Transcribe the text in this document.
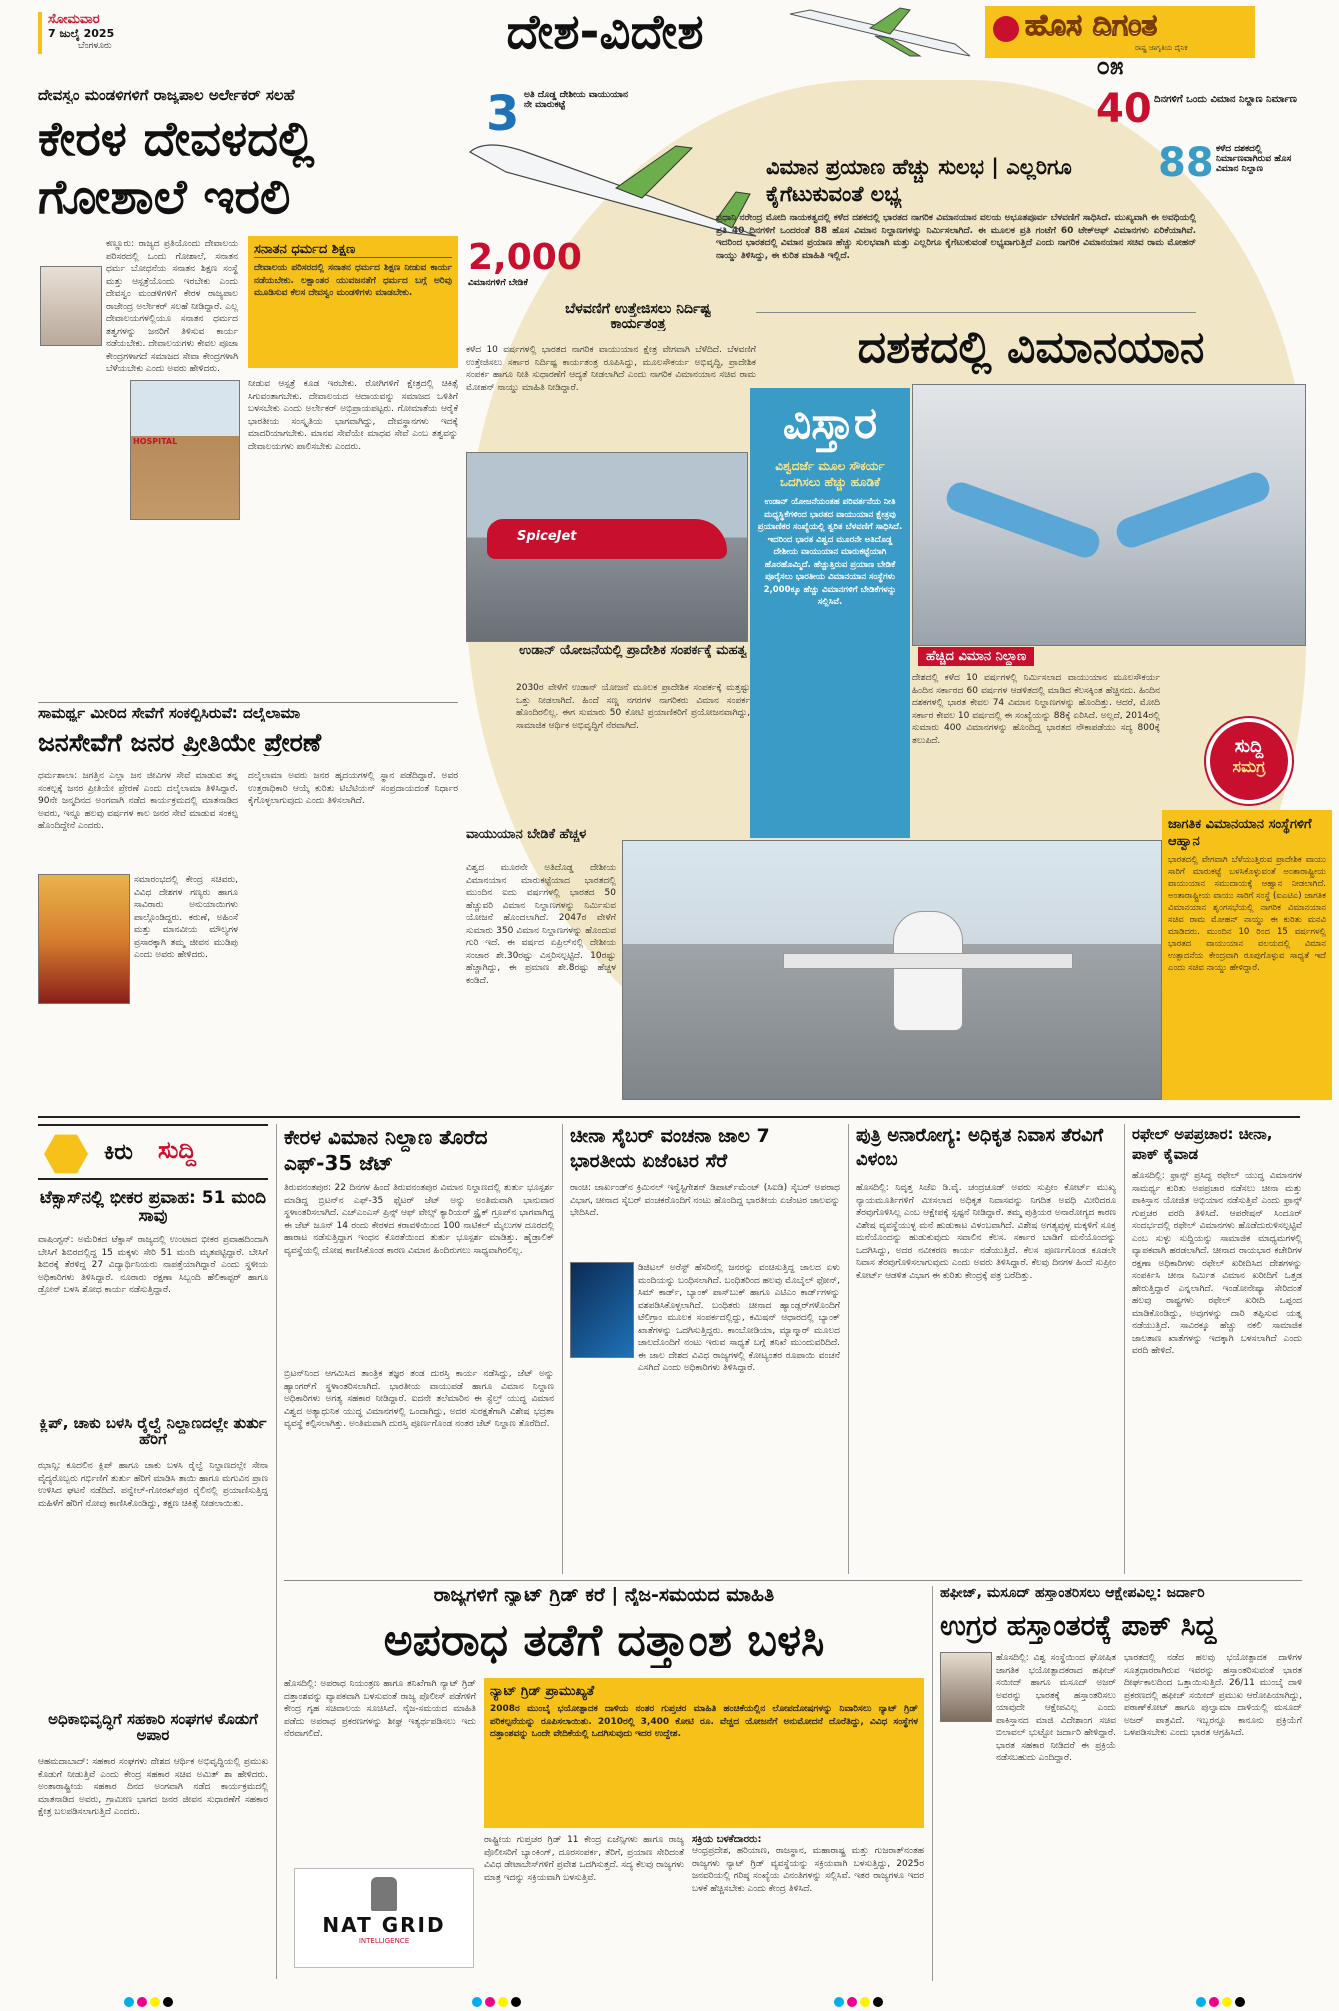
ಸೋಮವಾರ
7 ಜುಲೈ 2025
ಬೆಂಗಳೂರು	ದೇಶ-ವಿದೇಶ	ಹೊಸ ದಿಗಂತ
ರಾಷ್ಟ್ರ ಜಾಗೃತಿಯ ದೈನಿಕ
೦೫
ದೇವಸ್ವಂ ಮಂಡಳಿಗಳಿಗೆ ರಾಜ್ಯಪಾಲ ಅರ್ಲೇಕರ್ ಸಲಹೆ
ಕೇರಳ ದೇವಳದಲ್ಲಿ ಗೋಶಾಲೆ ಇರಲಿ
ಕಣ್ಣೂರು: ರಾಜ್ಯದ ಪ್ರತಿಯೊಂದು ದೇವಾಲಯ ಪರಿಸರದಲ್ಲಿ ಒಂದು ಗೋಶಾಲೆ, ಸನಾತನ ಧರ್ಮ ಬೋಧನೆಯ ಸನಾತನ ಶಿಕ್ಷಣ ಸಂಸ್ಥೆ ಮತ್ತು ಆಸ್ಪತ್ರೆಯೊಂದು ಇರಬೇಕು ಎಂದು ದೇವಸ್ವಂ ಮಂಡಳಿಗಳಿಗೆ ಕೇರಳ ರಾಜ್ಯಪಾಲ ರಾಜೇಂದ್ರ ಅರ್ಲೇಕರ್ ಸಲಹೆ ನೀಡಿದ್ದಾರೆ. ಎಲ್ಲ ದೇವಾಲಯಗಳಲ್ಲಿಯೂ ಸನಾತನ ಧರ್ಮದ ತತ್ವಗಳನ್ನು ಜನರಿಗೆ ತಿಳಿಸುವ ಕಾರ್ಯ ನಡೆಯಬೇಕು. ದೇವಾಲಯಗಳು ಕೇವಲ ಪೂಜಾ ಕೇಂದ್ರಗಳಾಗದೆ ಸಮಾಜದ ಸೇವಾ ಕೇಂದ್ರಗಳಾಗಿ ಬೆಳೆಯಬೇಕು ಎಂದು ಅವರು ಹೇಳಿದರು.
ಸನಾತನ ಧರ್ಮದ ಶಿಕ್ಷಣ
ದೇವಾಲಯ ಪರಿಸರದಲ್ಲಿ ಸನಾತನ ಧರ್ಮದ ಶಿಕ್ಷಣ ನೀಡುವ ಕಾರ್ಯ ನಡೆಯಬೇಕು. ಲಕ್ಷಾಂತರ ಯುವಜನತೆಗೆ ಧರ್ಮದ ಬಗ್ಗೆ ಅರಿವು ಮೂಡಿಸುವ ಕೆಲಸ ದೇವಸ್ವಂ ಮಂಡಳಿಗಳು ಮಾಡಬೇಕು.
HOSPITAL
ನೀಡುವ ಆಸ್ಪತ್ರೆ ಕೂಡ ಇರಬೇಕು. ರೋಗಿಗಳಿಗೆ ಕ್ಷೇತ್ರದಲ್ಲಿ ಚಿಕಿತ್ಸೆ ಸಿಗುವಂತಾಗಬೇಕು. ದೇವಾಲಯದ ಆದಾಯವನ್ನು ಸಮಾಜದ ಒಳಿತಿಗೆ ಬಳಸಬೇಕು ಎಂದು ಅರ್ಲೇಕರ್ ಅಭಿಪ್ರಾಯಪಟ್ಟರು. ಗೋಮಾತೆಯ ಆರೈಕೆ ಭಾರತೀಯ ಸಂಸ್ಕೃತಿಯ ಭಾಗವಾಗಿದ್ದು, ದೇವಸ್ಥಾನಗಳು ಇದಕ್ಕೆ ಮಾದರಿಯಾಗಬೇಕು. ಮಾನವ ಸೇವೆಯೇ ಮಾಧವ ಸೇವೆ ಎಂಬ ತತ್ವವನ್ನು ದೇವಾಲಯಗಳು ಪಾಲಿಸಬೇಕು ಎಂದರು.
ಸಾಮರ್ಥ್ಯ ಮೀರಿದ ಸೇವೆಗೆ ಸಂಕಲ್ಪಿಸಿರುವೆ: ದಲೈಲಾಮಾ
ಜನಸೇವೆಗೆ ಜನರ ಪ್ರೀತಿಯೇ ಪ್ರೇರಣೆ
ಧರ್ಮಶಾಲಾ: ಜಗತ್ತಿನ ಎಲ್ಲಾ ಜನ ಜೀವಿಗಳ ಸೇವೆ ಮಾಡುವ ತನ್ನ ಸಂಕಲ್ಪಕ್ಕೆ ಜನರ ಪ್ರೀತಿಯೇ ಪ್ರೇರಣೆ ಎಂದು ದಲೈಲಾಮಾ ತಿಳಿಸಿದ್ದಾರೆ. 90ನೇ ಜನ್ಮದಿನದ ಅಂಗವಾಗಿ ನಡೆದ ಕಾರ್ಯಕ್ರಮದಲ್ಲಿ ಮಾತನಾಡಿದ ಅವರು, ಇನ್ನೂ ಹಲವು ವರ್ಷಗಳ ಕಾಲ ಜನರ ಸೇವೆ ಮಾಡುವ ಸಂಕಲ್ಪ ಹೊಂದಿದ್ದೇನೆ ಎಂದರು.
ಸಮಾರಂಭದಲ್ಲಿ ಕೇಂದ್ರ ಸಚಿವರು, ವಿವಿಧ ದೇಶಗಳ ಗಣ್ಯರು ಹಾಗೂ ಸಾವಿರಾರು ಅನುಯಾಯಿಗಳು ಪಾಲ್ಗೊಂಡಿದ್ದರು. ಕರುಣೆ, ಅಹಿಂಸೆ ಮತ್ತು ಮಾನವೀಯ ಮೌಲ್ಯಗಳ ಪ್ರಸಾರಕ್ಕಾಗಿ ತಮ್ಮ ಜೀವನ ಮುಡಿಪು ಎಂದು ಅವರು ಹೇಳಿದರು.
ದಲೈಲಾಮಾ ಅವರು ಜನರ ಹೃದಯಗಳಲ್ಲಿ ಸ್ಥಾನ ಪಡೆದಿದ್ದಾರೆ. ಅವರ ಉತ್ತರಾಧಿಕಾರಿ ಆಯ್ಕೆ ಕುರಿತು ಟಿಬೆಟಿಯನ್ ಸಂಪ್ರದಾಯದಂತೆ ನಿರ್ಧಾರ ಕೈಗೊಳ್ಳಲಾಗುವುದು ಎಂದು ತಿಳಿಸಲಾಗಿದೆ.
3 ಅತಿ ದೊಡ್ಡ ದೇಶೀಯ ವಾಯುಯಾನ ನೇ ಮಾರುಕಟ್ಟೆ
2,000
ವಿಮಾನಗಳಿಗೆ ಬೇಡಿಕೆ
40 ದಿನಗಳಿಗೆ ಒಂದು ವಿಮಾನ ನಿಲ್ದಾಣ ನಿರ್ಮಾಣ
88 ಕಳೆದ ದಶಕದಲ್ಲಿ ನಿರ್ಮಾಣವಾಗಿರುವ ಹೊಸ ವಿಮಾನ ನಿಲ್ದಾಣ
ವಿಮಾನ ಪ್ರಯಾಣ ಹೆಚ್ಚು ಸುಲಭ | ಎಲ್ಲರಿಗೂ ಕೈಗೆಟುಕುವಂತೆ ಲಭ್ಯ
ಪ್ರಧಾನಿ ನರೇಂದ್ರ ಮೋದಿ ನಾಯಕತ್ವದಲ್ಲಿ ಕಳೆದ ದಶಕದಲ್ಲಿ ಭಾರತದ ನಾಗರಿಕ ವಿಮಾನಯಾನ ವಲಯ ಅಭೂತಪೂರ್ವ ಬೆಳವಣಿಗೆ ಸಾಧಿಸಿದೆ. ಮುಖ್ಯವಾಗಿ ಈ ಅವಧಿಯಲ್ಲಿ ಪ್ರತಿ 40 ದಿನಗಳಿಗೆ ಒಂದರಂತೆ 88 ಹೊಸ ವಿಮಾನ ನಿಲ್ದಾಣಗಳನ್ನು ನಿರ್ಮಿಸಲಾಗಿದೆ. ಈ ಮೂಲಕ ಪ್ರತಿ ಗಂಟೆಗೆ 60 ಟೇಕ್ಆಫ್ ವಿಮಾನಗಳು ಏರಿಕೆಯಾಗಿವೆ. ಇದರಿಂದ ಭಾರತದಲ್ಲಿ ವಿಮಾನ ಪ್ರಯಾಣ ಹೆಚ್ಚು ಸುಲಭವಾಗಿ ಮತ್ತು ಎಲ್ಲರಿಗೂ ಕೈಗೆಟುಕುವಂತೆ ಲಭ್ಯವಾಗುತ್ತಿದೆ ಎಂದು ನಾಗರಿಕ ವಿಮಾನಯಾನ ಸಚಿವ ರಾಮ ಮೋಹನ್ ನಾಯ್ಡು ತಿಳಿಸಿದ್ದು, ಈ ಕುರಿತ ಮಾಹಿತಿ ಇಲ್ಲಿದೆ.
ಬೆಳವಣಿಗೆ ಉತ್ತೇಜಿಸಲು ನಿರ್ದಿಷ್ಟ ಕಾರ್ಯತಂತ್ರ
ಕಳೆದ 10 ವರ್ಷಗಳಲ್ಲಿ ಭಾರತದ ನಾಗರಿಕ ವಾಯುಯಾನ ಕ್ಷೇತ್ರ ವೇಗವಾಗಿ ಬೆಳೆದಿದೆ. ಬೆಳವಣಿಗೆ ಉತ್ತೇಜಿಸಲು ಸರ್ಕಾರ ನಿರ್ದಿಷ್ಟ ಕಾರ್ಯತಂತ್ರ ರೂಪಿಸಿದ್ದು, ಮೂಲಸೌಕರ್ಯ ಅಭಿವೃದ್ಧಿ, ಪ್ರಾದೇಶಿಕ ಸಂಪರ್ಕ ಹಾಗೂ ನೀತಿ ಸುಧಾರಣೆಗೆ ಆದ್ಯತೆ ನೀಡಲಾಗಿದೆ ಎಂದು ನಾಗರಿಕ ವಿಮಾನಯಾನ ಸಚಿವ ರಾಮ ಮೋಹನ್ ನಾಯ್ಡು ಮಾಹಿತಿ ನೀಡಿದ್ದಾರೆ.
ದಶಕದಲ್ಲಿ ವಿಮಾನಯಾನ
SpiceJet
ಉಡಾನ್ ಯೋಜನೆಯಲ್ಲಿ ಪ್ರಾದೇಶಿಕ ಸಂಪರ್ಕಕ್ಕೆ ಮಹತ್ವ
2030ರ ವೇಳೆಗೆ ಉಡಾನ್ ಯೋಜನೆ ಮೂಲಕ ಪ್ರಾದೇಶಿಕ ಸಂಪರ್ಕಕ್ಕೆ ಮತ್ತಷ್ಟು ಒತ್ತು ನೀಡಲಾಗಿದೆ. ಹಿಂದೆ ಸಣ್ಣ ನಗರಗಳ ನಾಗರಿಕರು ವಿಮಾನ ಸಂಪರ್ಕ ಹೊಂದಿರಲಿಲ್ಲ. ಈಗ ಸುಮಾರು 50 ಕೋಟಿ ಪ್ರಯಾಣಿಕರಿಗೆ ಪ್ರಯೋಜನವಾಗಿದ್ದು, ಸಾಮಾಜಿಕ ಆರ್ಥಿಕ ಅಭಿವೃದ್ಧಿಗೆ ನೆರವಾಗಿದೆ.
ವಿಸ್ತಾರ
ವಿಶ್ವದರ್ಜೆ ಮೂಲ ಸೌಕರ್ಯ ಒದಗಿಸಲು ಹೆಚ್ಚು ಹೂಡಿಕೆ
ಉಡಾನ್ ಯೋಜನೆಯಂತಹ ಪರಿವರ್ತನೆಯ ನೀತಿ ಮಧ್ಯಸ್ಥಿಕೆಗಳಿಂದ ಭಾರತದ ವಾಯುಯಾನ ಕ್ಷೇತ್ರವು ಪ್ರಯಾಣಿಕರ ಸಂಖ್ಯೆಯಲ್ಲಿ ತ್ವರಿತ ಬೆಳವಣಿಗೆ ಸಾಧಿಸಿದೆ. ಇದರಿಂದ ಭಾರತ ವಿಶ್ವದ ಮೂರನೇ ಅತಿದೊಡ್ಡ ದೇಶೀಯ ವಾಯುಯಾನ ಮಾರುಕಟ್ಟೆಯಾಗಿ ಹೊರಹೊಮ್ಮಿದೆ. ಹೆಚ್ಚುತ್ತಿರುವ ಪ್ರಯಾಣ ಬೇಡಿಕೆ ಪೂರೈಸಲು ಭಾರತೀಯ ವಿಮಾನಯಾನ ಸಂಸ್ಥೆಗಳು 2,000ಕ್ಕೂ ಹೆಚ್ಚು ವಿಮಾನಗಳಿಗೆ ಬೇಡಿಕೆಗಳನ್ನು ಸಲ್ಲಿಸಿವೆ.
ಹೆಚ್ಚಿದ ವಿಮಾನ ನಿಲ್ದಾಣ
ದೇಶದಲ್ಲಿ ಕಳೆದ 10 ವರ್ಷಗಳಲ್ಲಿ ನಿರ್ಮಿಸಲಾದ ವಾಯುಯಾನ ಮೂಲಸೌಕರ್ಯ ಹಿಂದಿನ ಸರ್ಕಾರದ 60 ವರ್ಷಗಳ ಆಡಳಿತದಲ್ಲಿ ಮಾಡಿದ ಕೆಲಸಕ್ಕಿಂತ ಹೆಚ್ಚಿನದು. ಹಿಂದಿನ ದಶಕಗಳಲ್ಲಿ ಭಾರತ ಕೇವಲ 74 ವಿಮಾನ ನಿಲ್ದಾಣಗಳನ್ನು ಹೊಂದಿತ್ತು. ಆದರೆ, ಮೋದಿ ಸರ್ಕಾರ ಕೇವಲ 10 ವರ್ಷದಲ್ಲಿ ಈ ಸಂಖ್ಯೆಯನ್ನು 88ಕ್ಕೆ ಏರಿಸಿದೆ. ಅಲ್ಲದೆ, 2014ರಲ್ಲಿ ಸುಮಾರು 400 ವಿಮಾನಗಳನ್ನು ಹೊಂದಿದ್ದ ಭಾರತದ ನೌಕಾಪಡೆಯು ಸದ್ಯ 800ಕ್ಕೆ ತಲುಪಿದೆ.	ಸುದ್ದಿ
ಸಮಗ್ರ
ವಾಯುಯಾನ ಬೇಡಿಕೆ ಹೆಚ್ಚಳ
ವಿಶ್ವದ ಮೂರನೇ ಅತಿದೊಡ್ಡ ದೇಶೀಯ ವಿಮಾನಯಾನ ಮಾರುಕಟ್ಟೆಯಾದ ಭಾರತದಲ್ಲಿ ಮುಂದಿನ ಐದು ವರ್ಷಗಳಲ್ಲಿ ಭಾರತದ 50 ಹೆಚ್ಚುವರಿ ವಿಮಾನ ನಿಲ್ದಾಣಗಳನ್ನು ನಿರ್ಮಿಸುವ ಯೋಜನೆ ಹೊಂದಲಾಗಿದೆ. 2047ರ ವೇಳೆಗೆ ಸುಮಾರು 350 ವಿಮಾನ ನಿಲ್ದಾಣಗಳನ್ನು ಹೊಂದುವ ಗುರಿ ಇದೆ. ಈ ವರ್ಷದ ಏಪ್ರಿಲ್‌ನಲ್ಲಿ ದೇಶೀಯ ಸಂಚಾರ ಶೇ.30ರಷ್ಟು ವಿಸ್ತರಿಸಲ್ಪಟ್ಟಿದೆ. 10ರಷ್ಟು ಹೆಚ್ಚಾಗಿದ್ದು, ಈ ಪ್ರಮಾಣ ಶೇ.8ರಷ್ಟು ಹೆಚ್ಚಳ ಕಂಡಿದೆ.
ಜಾಗತಿಕ ವಿಮಾನಯಾನ ಸಂಸ್ಥೆಗಳಿಗೆ ಆಹ್ವಾನ
ಭಾರತದಲ್ಲಿ ವೇಗವಾಗಿ ಬೆಳೆಯುತ್ತಿರುವ ಪ್ರಾದೇಶಿಕ ವಾಯು ಸಾರಿಗೆ ಮಾರುಕಟ್ಟೆ ಬಳಸಿಕೊಳ್ಳುವಂತೆ ಅಂತಾರಾಷ್ಟ್ರೀಯ ವಾಯುಯಾನ ಸಮುದಾಯಕ್ಕೆ ಆಹ್ವಾನ ನೀಡಲಾಗಿದೆ. ಅಂತಾರಾಷ್ಟ್ರೀಯ ವಾಯು ಸಾರಿಗೆ ಸಂಸ್ಥೆ (ಐಎಟಿಎ) ಜಾಗತಿಕ ವಿಮಾನಯಾನ ಶೃಂಗಸಭೆಯಲ್ಲಿ ನಾಗರಿಕ ವಿಮಾನಯಾನ ಸಚಿವ ರಾಮ ಮೋಹನ್ ನಾಯ್ಡು ಈ ಕುರಿತು ಮನವಿ ಮಾಡಿದರು. ಮುಂದಿನ 10 ರಿಂದ 15 ವರ್ಷಗಳಲ್ಲಿ ಭಾರತದ ವಾಯುಯಾನ ವಲಯದಲ್ಲಿ ವಿಮಾನ ಉತ್ಪಾದನೆಯ ಕೇಂದ್ರವಾಗಿ ರೂಪುಗೊಳ್ಳುವ ಸಾಧ್ಯತೆ ಇದೆ ಎಂದು ಸಚಿವ ನಾಯ್ಡು ಹೇಳಿದ್ದಾರೆ.
ಕಿರು ಸುದ್ದಿ
ಟೆಕ್ಸಾಸ್‌ನಲ್ಲಿ ಭೀಕರ ಪ್ರವಾಹ: 51 ಮಂದಿ ಸಾವು
ವಾಷಿಂಗ್ಟನ್: ಅಮೆರಿಕದ ಟೆಕ್ಸಾಸ್ ರಾಜ್ಯದಲ್ಲಿ ಉಂಟಾದ ಭೀಕರ ಪ್ರವಾಹದಿಂದಾಗಿ ಬೇಸಿಗೆ ಶಿಬಿರದಲ್ಲಿದ್ದ 15 ಮಕ್ಕಳು ಸೇರಿ 51 ಮಂದಿ ಮೃತಪಟ್ಟಿದ್ದಾರೆ. ಬೇಸಿಗೆ ಶಿಬಿರಕ್ಕೆ ತೆರಳಿದ್ದ 27 ವಿದ್ಯಾರ್ಥಿನಿಯರು ನಾಪತ್ತೆಯಾಗಿದ್ದಾರೆ ಎಂದು ಸ್ಥಳೀಯ ಅಧಿಕಾರಿಗಳು ತಿಳಿಸಿದ್ದಾರೆ. ನೂರಾರು ರಕ್ಷಣಾ ಸಿಬ್ಬಂದಿ ಹೆಲಿಕಾಪ್ಟರ್ ಹಾಗೂ ಡ್ರೋನ್ ಬಳಸಿ ಶೋಧ ಕಾರ್ಯ ನಡೆಸುತ್ತಿದ್ದಾರೆ.
ಕ್ಲಿಪ್, ಚಾಕು ಬಳಸಿ ರೈಲ್ವೆ ನಿಲ್ದಾಣದಲ್ಲೇ ತುರ್ತು ಹೆರಿಗೆ
ಝಾನ್ಸಿ: ಕೂದಲಿನ ಕ್ಲಿಪ್ ಹಾಗೂ ಚಾಕು ಬಳಸಿ ರೈಲ್ವೆ ನಿಲ್ದಾಣದಲ್ಲೇ ಸೇನಾ ವೈದ್ಯರೊಬ್ಬರು ಗರ್ಭಿಣಿಗೆ ತುರ್ತು ಹೆರಿಗೆ ಮಾಡಿಸಿ ತಾಯಿ ಹಾಗೂ ಮಗುವಿನ ಪ್ರಾಣ ಉಳಿಸಿದ ಘಟನೆ ನಡೆದಿದೆ. ಪನ್ವೇಲ್-ಗೋರಖ್‌ಪುರ ರೈಲಿನಲ್ಲಿ ಪ್ರಯಾಣಿಸುತ್ತಿದ್ದ ಮಹಿಳೆಗೆ ಹೆರಿಗೆ ನೋವು ಕಾಣಿಸಿಕೊಂಡಿದ್ದು, ತಕ್ಷಣ ಚಿಕಿತ್ಸೆ ನೀಡಲಾಯಿತು.
ಅಧಿಕಾಭಿವೃದ್ಧಿಗೆ ಸಹಕಾರಿ ಸಂಘಗಳ ಕೊಡುಗೆ ಅಪಾರ
ಆಹಮದಾಬಾದ್: ಸಹಕಾರ ಸಂಘಗಳು ದೇಶದ ಆರ್ಥಿಕ ಅಭಿವೃದ್ಧಿಯಲ್ಲಿ ಪ್ರಮುಖ ಕೊಡುಗೆ ನೀಡುತ್ತಿವೆ ಎಂದು ಕೇಂದ್ರ ಸಹಕಾರ ಸಚಿವ ಅಮಿತ್ ಶಾ ಹೇಳಿದರು. ಅಂತಾರಾಷ್ಟ್ರೀಯ ಸಹಕಾರ ದಿನದ ಅಂಗವಾಗಿ ನಡೆದ ಕಾರ್ಯಕ್ರಮದಲ್ಲಿ ಮಾತನಾಡಿದ ಅವರು, ಗ್ರಾಮೀಣ ಭಾಗದ ಜನರ ಜೀವನ ಸುಧಾರಣೆಗೆ ಸಹಕಾರ ಕ್ಷೇತ್ರ ಬಲಪಡಿಸಲಾಗುತ್ತಿದೆ ಎಂದರು.
ಕೇರಳ ವಿಮಾನ ನಿಲ್ದಾಣ ತೊರೆದ ಎಫ್-35 ಜೆಟ್
ತಿರುವನಂತಪುರ: 22 ದಿನಗಳ ಹಿಂದೆ ತಿರುವನಂತಪುರ ವಿಮಾನ ನಿಲ್ದಾಣದಲ್ಲಿ ತುರ್ತು ಭೂಸ್ಪರ್ಶ ಮಾಡಿದ್ದ ಬ್ರಿಟನ್‌ನ ಎಫ್-35 ಫೈಟರ್ ಜೆಟ್ ಅನ್ನು ಅಂತಿಮವಾಗಿ ಭಾನುವಾರ ಸ್ಥಳಾಂತರಿಸಲಾಗಿದೆ. ಎಚ್‌ಎಂಎಸ್ ಪ್ರಿನ್ಸ್ ಆಫ್ ವೇಲ್ಸ್ ಕ್ಯಾರಿಯರ್ ಸ್ಟ್ರೈಕ್ ಗ್ರೂಪ್‌ನ ಭಾಗವಾಗಿದ್ದ ಈ ಜೆಟ್ ಜೂನ್ 14 ರಂದು ಕೇರಳದ ಕರಾವಳಿಯಿಂದ 100 ನಾಟಿಕಲ್ ಮೈಲುಗಳ ದೂರದಲ್ಲಿ ಹಾರಾಟ ನಡೆಸುತ್ತಿದ್ದಾಗ ಇಂಧನ ಕೊರತೆಯಿಂದ ತುರ್ತು ಭೂಸ್ಪರ್ಶ ಮಾಡಿತ್ತು. ಹೈಡ್ರಾಲಿಕ್ ವ್ಯವಸ್ಥೆಯಲ್ಲಿ ದೋಷ ಕಾಣಿಸಿಕೊಂಡ ಕಾರಣ ವಿಮಾನ ಹಿಂದಿರುಗಲು ಸಾಧ್ಯವಾಗಿರಲಿಲ್ಲ.
ಬ್ರಿಟನ್‌ನಿಂದ ಆಗಮಿಸಿದ ತಾಂತ್ರಿಕ ತಜ್ಞರ ತಂಡ ದುರಸ್ತಿ ಕಾರ್ಯ ನಡೆಸಿದ್ದು, ಜೆಟ್ ಅನ್ನು ಹ್ಯಾಂಗರ್‌ಗೆ ಸ್ಥಳಾಂತರಿಸಲಾಗಿದೆ. ಭಾರತೀಯ ವಾಯುಪಡೆ ಹಾಗೂ ವಿಮಾನ ನಿಲ್ದಾಣ ಅಧಿಕಾರಿಗಳು ಅಗತ್ಯ ಸಹಕಾರ ನೀಡಿದ್ದಾರೆ. ಐದನೇ ತಲೆಮಾರಿನ ಈ ಸ್ಟೆಲ್ತ್ ಯುದ್ಧ ವಿಮಾನ ವಿಶ್ವದ ಅತ್ಯಾಧುನಿಕ ಯುದ್ಧ ವಿಮಾನಗಳಲ್ಲಿ ಒಂದಾಗಿದ್ದು, ಅದರ ಸುರಕ್ಷತೆಗಾಗಿ ವಿಶೇಷ ಭದ್ರತಾ ವ್ಯವಸ್ಥೆ ಕಲ್ಪಿಸಲಾಗಿತ್ತು. ಅಂತಿಮವಾಗಿ ದುರಸ್ತಿ ಪೂರ್ಣಗೊಂಡ ನಂತರ ಜೆಟ್ ನಿಲ್ದಾಣ ತೊರೆದಿದೆ.
ಚೀನಾ ಸೈಬರ್ ವಂಚನಾ ಜಾಲ 7 ಭಾರತೀಯ ಏಜೆಂಟರ ಸೆರೆ
ರಾಂಚಿ: ಜಾರ್ಖಂಡ್‌ನ ಕ್ರಿಮಿನಲ್ ಇನ್ವೆಸ್ಟಿಗೇಶನ್ ಡಿಪಾರ್ಟ್‌ಮೆಂಟ್ (ಸಿಐಡಿ) ಸೈಬರ್ ಅಪರಾಧ ವಿಭಾಗ, ಚೀನಾದ ಸೈಬರ್ ವಂಚಕರೊಂದಿಗೆ ನಂಟು ಹೊಂದಿದ್ದ ಭಾರತೀಯ ಏಜೆಂಟರ ಜಾಲವನ್ನು ಭೇದಿಸಿದೆ.
ಡಿಜಿಟಲ್ ಅರೆಸ್ಟ್ ಹೆಸರಿನಲ್ಲಿ ಜನರನ್ನು ವಂಚಿಸುತ್ತಿದ್ದ ಜಾಲದ ಏಳು ಮಂದಿಯನ್ನು ಬಂಧಿಸಲಾಗಿದೆ. ಬಂಧಿತರಿಂದ ಹಲವು ಮೊಬೈಲ್ ಫೋನ್, ಸಿಮ್ ಕಾರ್ಡ್, ಬ್ಯಾಂಕ್ ಪಾಸ್‌ಬುಕ್ ಹಾಗೂ ಎಟಿಎಂ ಕಾರ್ಡ್‌ಗಳನ್ನು ವಶಪಡಿಸಿಕೊಳ್ಳಲಾಗಿದೆ. ಬಂಧಿತರು ಚೀನಾದ ಹ್ಯಾಂಡ್ಲರ್‌ಗಳೊಂದಿಗೆ ಟೆಲಿಗ್ರಾಂ ಮೂಲಕ ಸಂಪರ್ಕದಲ್ಲಿದ್ದು, ಕಮಿಷನ್ ಆಧಾರದಲ್ಲಿ ಬ್ಯಾಂಕ್ ಖಾತೆಗಳನ್ನು ಒದಗಿಸುತ್ತಿದ್ದರು. ಕಾಂಬೋಡಿಯಾ, ಮ್ಯಾನ್ಮಾರ್ ಮೂಲದ ಜಾಲದೊಂದಿಗೆ ನಂಟು ಇರುವ ಸಾಧ್ಯತೆ ಬಗ್ಗೆ ತನಿಖೆ ಮುಂದುವರಿದಿದೆ. ಈ ಜಾಲ ದೇಶದ ವಿವಿಧ ರಾಜ್ಯಗಳಲ್ಲಿ ಕೋಟ್ಯಂತರ ರೂಪಾಯಿ ವಂಚನೆ ಎಸಗಿದೆ ಎಂದು ಅಧಿಕಾರಿಗಳು ತಿಳಿಸಿದ್ದಾರೆ.
ಪುತ್ರಿ ಅನಾರೋಗ್ಯ: ಅಧಿಕೃತ ನಿವಾಸ ತೆರವಿಗೆ ವಿಳಂಬ
ಹೊಸದಿಲ್ಲಿ: ನಿವೃತ್ತ ಸಿಜೆಐ ಡಿ.ವೈ. ಚಂದ್ರಚೂಡ್ ಅವರು ಸುಪ್ರೀಂ ಕೋರ್ಟ್ ಮುಖ್ಯ ನ್ಯಾಯಮೂರ್ತಿಗಳಿಗೆ ಮೀಸಲಾದ ಅಧಿಕೃತ ನಿವಾಸವನ್ನು ನಿಗದಿತ ಅವಧಿ ಮೀರಿದರೂ ತೆರವುಗೊಳಿಸಿಲ್ಲ ಎಂಬ ಆಕ್ಷೇಪಕ್ಕೆ ಸ್ಪಷ್ಟನೆ ನೀಡಿದ್ದಾರೆ. ತಮ್ಮ ಪುತ್ರಿಯರ ಅನಾರೋಗ್ಯದ ಕಾರಣ ವಿಶೇಷ ವ್ಯವಸ್ಥೆಯುಳ್ಳ ಮನೆ ಹುಡುಕಾಟ ವಿಳಂಬವಾಗಿದೆ. ವಿಶೇಷ ಅಗತ್ಯವುಳ್ಳ ಮಕ್ಕಳಿಗೆ ಸೂಕ್ತ ಮನೆಯೊಂದನ್ನು ಹುಡುಕುವುದು ಸವಾಲಿನ ಕೆಲಸ. ಸರ್ಕಾರ ಬಾಡಿಗೆ ಮನೆಯೊಂದನ್ನು ಒದಗಿಸಿದ್ದು, ಅದರ ನವೀಕರಣ ಕಾರ್ಯ ನಡೆಯುತ್ತಿದೆ. ಕೆಲಸ ಪೂರ್ಣಗೊಂಡ ಕೂಡಲೇ ನಿವಾಸ ತೆರವುಗೊಳಿಸಲಾಗುವುದು ಎಂದು ಅವರು ತಿಳಿಸಿದ್ದಾರೆ. ಕೆಲವು ದಿನಗಳ ಹಿಂದೆ ಸುಪ್ರೀಂ ಕೋರ್ಟ್ ಆಡಳಿತ ವಿಭಾಗ ಈ ಕುರಿತು ಕೇಂದ್ರಕ್ಕೆ ಪತ್ರ ಬರೆದಿತ್ತು.
ರಫೇಲ್ ಅಪಪ್ರಚಾರ: ಚೀನಾ, ಪಾಕ್ ಕೈವಾಡ
ಹೊಸದಿಲ್ಲಿ: ಫ್ರಾನ್ಸ್ ಪ್ರಸಿದ್ಧ ರಫೇಲ್ ಯುದ್ಧ ವಿಮಾನಗಳ ಸಾಮರ್ಥ್ಯ ಕುರಿತು ಅಪಪ್ರಚಾರ ನಡೆಸಲು ಚೀನಾ ಮತ್ತು ಪಾಕಿಸ್ತಾನ ಯೋಜಿತ ಅಭಿಯಾನ ನಡೆಸುತ್ತಿವೆ ಎಂದು ಫ್ರಾನ್ಸ್ ಗುಪ್ತಚರ ವರದಿ ತಿಳಿಸಿದೆ. ಆಪರೇಷನ್ ಸಿಂದೂರ್ ಸಂದರ್ಭದಲ್ಲಿ ರಫೇಲ್ ವಿಮಾನಗಳು ಹೊಡೆದುರುಳಿಸಲ್ಪಟ್ಟಿವೆ ಎಂಬ ಸುಳ್ಳು ಸುದ್ದಿಯನ್ನು ಸಾಮಾಜಿಕ ಮಾಧ್ಯಮಗಳಲ್ಲಿ ವ್ಯಾಪಕವಾಗಿ ಹರಡಲಾಗಿದೆ. ಚೀನಾದ ರಾಯಭಾರ ಕಚೇರಿಗಳ ರಕ್ಷಣಾ ಅಧಿಕಾರಿಗಳು ರಫೇಲ್ ಖರೀದಿಸಿದ ದೇಶಗಳನ್ನು ಸಂಪರ್ಕಿಸಿ ಚೀನಾ ನಿರ್ಮಿತ ವಿಮಾನ ಖರೀದಿಗೆ ಒತ್ತಡ ಹೇರುತ್ತಿದ್ದಾರೆ ಎನ್ನಲಾಗಿದೆ. ಇಂಡೋನೇಷ್ಯಾ ಸೇರಿದಂತೆ ಹಲವು ರಾಷ್ಟ್ರಗಳು ರಫೇಲ್ ಖರೀದಿ ಒಪ್ಪಂದ ಮಾಡಿಕೊಂಡಿದ್ದು, ಅವುಗಳನ್ನು ದಾರಿ ತಪ್ಪಿಸುವ ಯತ್ನ ನಡೆಯುತ್ತಿದೆ. ಸಾವಿರಕ್ಕೂ ಹೆಚ್ಚು ನಕಲಿ ಸಾಮಾಜಿಕ ಜಾಲತಾಣ ಖಾತೆಗಳನ್ನು ಇದಕ್ಕಾಗಿ ಬಳಸಲಾಗಿದೆ ಎಂದು ವರದಿ ಹೇಳಿದೆ.
ರಾಜ್ಯಗಳಿಗೆ ನ್ಯಾಟ್ ಗ್ರಿಡ್ ಕರೆ | ನೈಜ-ಸಮಯದ ಮಾಹಿತಿ
ಅಪರಾಧ ತಡೆಗೆ ದತ್ತಾಂಶ ಬಳಸಿ
ನ್ಯಾಟ್ ಗ್ರಿಡ್ ಪ್ರಾಮುಖ್ಯತೆ
2008ರ ಮುಂಬೈ ಭಯೋತ್ಪಾದಕ ದಾಳಿಯ ನಂತರ ಗುಪ್ತಚರ ಮಾಹಿತಿ ಹಂಚಿಕೆಯಲ್ಲಿನ ಲೋಪದೋಷಗಳನ್ನು ನಿವಾರಿಸಲು ನ್ಯಾಟ್ ಗ್ರಿಡ್ ಪರಿಕಲ್ಪನೆಯನ್ನು ರೂಪಿಸಲಾಯಿತು. 2010ರಲ್ಲಿ 3,400 ಕೋಟಿ ರೂ. ವೆಚ್ಚದ ಯೋಜನೆಗೆ ಅನುಮೋದನೆ ದೊರೆತಿದ್ದು, ವಿವಿಧ ಸಂಸ್ಥೆಗಳ ದತ್ತಾಂಶವನ್ನು ಒಂದೇ ವೇದಿಕೆಯಲ್ಲಿ ಒದಗಿಸುವುದು ಇದರ ಉದ್ದೇಶ.
ಹೊಸದಿಲ್ಲಿ: ಅಪರಾಧ ನಿಯಂತ್ರಣ ಹಾಗೂ ತನಿಖೆಗಾಗಿ ನ್ಯಾಟ್ ಗ್ರಿಡ್ ದತ್ತಾಂಶವನ್ನು ವ್ಯಾಪಕವಾಗಿ ಬಳಸುವಂತೆ ರಾಜ್ಯ ಪೊಲೀಸ್ ಪಡೆಗಳಿಗೆ ಕೇಂದ್ರ ಗೃಹ ಸಚಿವಾಲಯ ಸೂಚಿಸಿದೆ. ನೈಜ-ಸಮಯದ ಮಾಹಿತಿ ಪಡೆದು ಅಪರಾಧ ಪ್ರಕರಣಗಳನ್ನು ಶೀಘ್ರ ಇತ್ಯರ್ಥಪಡಿಸಲು ಇದು ನೆರವಾಗಲಿದೆ.
ರಾಷ್ಟ್ರೀಯ ಗುಪ್ತಚರ ಗ್ರಿಡ್ 11 ಕೇಂದ್ರ ಏಜೆನ್ಸಿಗಳು ಹಾಗೂ ರಾಜ್ಯ ಪೊಲೀಸರಿಗೆ ಬ್ಯಾಂಕಿಂಗ್, ದೂರಸಂಪರ್ಕ, ತೆರಿಗೆ, ಪ್ರಯಾಣ ಸೇರಿದಂತೆ ವಿವಿಧ ಡೇಟಾಬೇಸ್‌ಗಳಿಗೆ ಪ್ರವೇಶ ಒದಗಿಸುತ್ತದೆ. ಸದ್ಯ ಕೆಲವು ರಾಜ್ಯಗಳು ಮಾತ್ರ ಇದನ್ನು ಸಕ್ರಿಯವಾಗಿ ಬಳಸುತ್ತಿವೆ.
NAT GRID
INTELLIGENCE
ಸಕ್ರಿಯ ಬಳಕೆದಾರರು:
ಆಂಧ್ರಪ್ರದೇಶ, ಹರಿಯಾಣ, ರಾಜಸ್ಥಾನ, ಮಹಾರಾಷ್ಟ್ರ ಮತ್ತು ಗುಜರಾತ್‌ನಂತಹ ರಾಜ್ಯಗಳು ನ್ಯಾಟ್ ಗ್ರಿಡ್ ವ್ಯವಸ್ಥೆಯನ್ನು ಸಕ್ರಿಯವಾಗಿ ಬಳಸುತ್ತಿದ್ದು, 2025ರ ಜನವರಿಯಲ್ಲಿ ಗರಿಷ್ಠ ಸಂಖ್ಯೆಯ ವಿನಂತಿಗಳನ್ನು ಸಲ್ಲಿಸಿವೆ. ಇತರ ರಾಜ್ಯಗಳೂ ಇದರ ಬಳಕೆ ಹೆಚ್ಚಿಸಬೇಕು ಎಂದು ಕೇಂದ್ರ ತಿಳಿಸಿದೆ.
ಹಫೀಜ್, ಮಸೂದ್ ಹಸ್ತಾಂತರಿಸಲು ಆಕ್ಷೇಪವಿಲ್ಲ: ಜರ್ದಾರಿ
ಉಗ್ರರ ಹಸ್ತಾಂತರಕ್ಕೆ ಪಾಕ್ ಸಿದ್ಧ
ಹೊಸದಿಲ್ಲಿ: ವಿಶ್ವ ಸಂಸ್ಥೆಯಿಂದ ಘೋಷಿತ ಜಾಗತಿಕ ಭಯೋತ್ಪಾದಕರಾದ ಹಫೀಜ್ ಸಯೀದ್ ಹಾಗೂ ಮಸೂದ್ ಅಜರ್ ಅವರನ್ನು ಭಾರತಕ್ಕೆ ಹಸ್ತಾಂತರಿಸಲು ಯಾವುದೇ ಆಕ್ಷೇಪವಿಲ್ಲ ಎಂದು ಪಾಕಿಸ್ತಾನದ ಮಾಜಿ ವಿದೇಶಾಂಗ ಸಚಿವ ಬಿಲಾವಲ್ ಭುಟ್ಟೋ ಜರ್ದಾರಿ ಹೇಳಿದ್ದಾರೆ. ಭಾರತ ಸಹಕಾರ ನೀಡಿದರೆ ಈ ಪ್ರಕ್ರಿಯೆ ನಡೆಸಬಹುದು ಎಂದಿದ್ದಾರೆ.
ಭಾರತದಲ್ಲಿ ನಡೆದ ಹಲವು ಭಯೋತ್ಪಾದಕ ದಾಳಿಗಳ ಸೂತ್ರಧಾರರಾಗಿರುವ ಇವರನ್ನು ಹಸ್ತಾಂತರಿಸುವಂತೆ ಭಾರತ ದೀರ್ಘಕಾಲದಿಂದ ಒತ್ತಾಯಿಸುತ್ತಿದೆ. 26/11 ಮುಂಬೈ ದಾಳಿ ಪ್ರಕರಣದಲ್ಲಿ ಹಫೀಜ್ ಸಯೀದ್ ಪ್ರಮುಖ ಆರೋಪಿಯಾಗಿದ್ದು, ಪಠಾಣ್‌ಕೋಟ್ ಹಾಗೂ ಪುಲ್ವಾಮಾ ದಾಳಿಯಲ್ಲಿ ಮಸೂದ್ ಅಜರ್ ಪಾತ್ರವಿದೆ. ಇಬ್ಬರನ್ನೂ ಕಾನೂನು ಪ್ರಕ್ರಿಯೆಗೆ ಒಳಪಡಿಸಬೇಕು ಎಂದು ಭಾರತ ಆಗ್ರಹಿಸಿದೆ.
